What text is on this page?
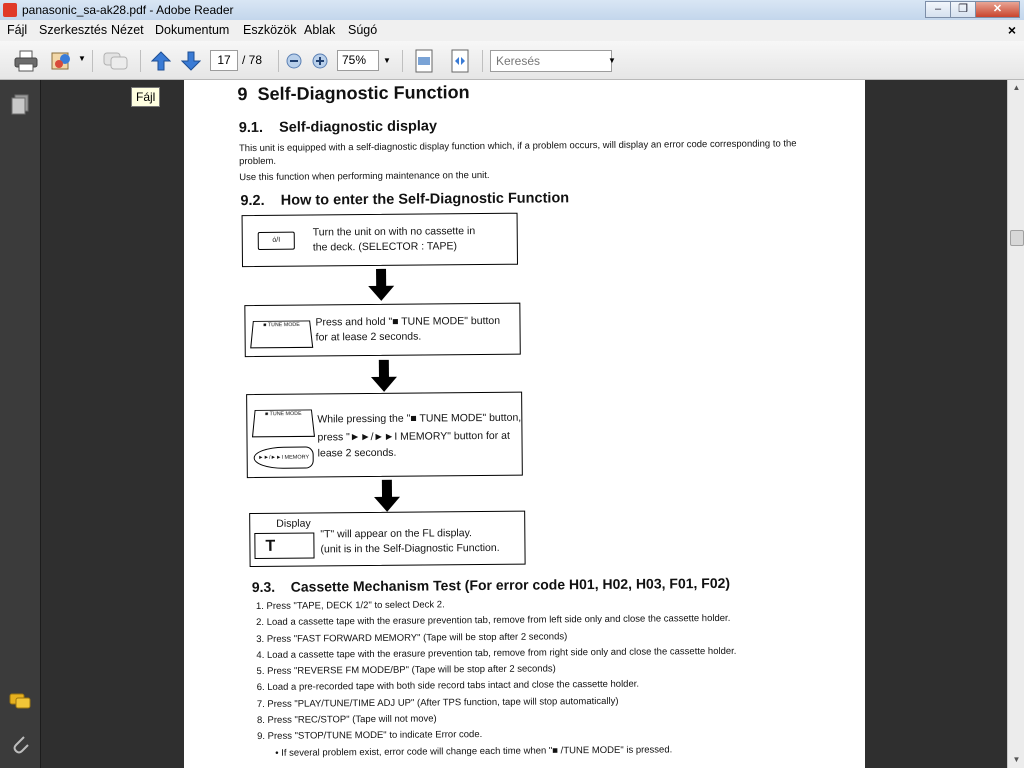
panasonic_sa-ak28.pdf - Adobe Reader	–	❐	✕
Fájl Szerkesztés Nézet Dokumentum Eszközök Ablak Súgó	×
▼	17 / 78	75%	▼	Keresés	▼
Fájl	9 Self-Diagnostic Function
9.1. Self-diagnostic display
This unit is equipped with a self-diagnostic display function which, if a problem occurs, will display an error code corresponding to the problem.
Use this function when performing maintenance on the unit.
9.2. How to enter the Self-Diagnostic Function
ó/I
Turn the unit on with no cassette in
the deck. (SELECTOR : TAPE)
■ TUNE MODE	Press and hold "■ TUNE MODE" button
for at lease 2 seconds.
■ TUNE MODE
►►/►►I MEMORY
While pressing the "■ TUNE MODE" button,
press "►►/►►I MEMORY" button for at
lease 2 seconds.
Display
T
"T" will appear on the FL display.
(unit is in the Self-Diagnostic Function.
9.3. Cassette Mechanism Test (For error code H01, H02, H03, F01, F02)
1. Press "TAPE, DECK 1/2" to select Deck 2.
2. Load a cassette tape with the erasure prevention tab, remove from left side only and close the cassette holder.
3. Press "FAST FORWARD MEMORY" (Tape will be stop after 2 seconds)
4. Load a cassette tape with the erasure prevention tab, remove from right side only and close the cassette holder.
5. Press "REVERSE FM MODE/BP" (Tape will be stop after 2 seconds)
6. Load a pre-recorded tape with both side record tabs intact and close the cassette holder.
7. Press "PLAY/TUNE/TIME ADJ UP" (After TPS function, tape will stop automatically)
8. Press "REC/STOP" (Tape will not move)
9. Press "STOP/TUNE MODE" to indicate Error code.
• If several problem exist, error code will change each time when "■ /TUNE MODE" is pressed.
▲
▼
